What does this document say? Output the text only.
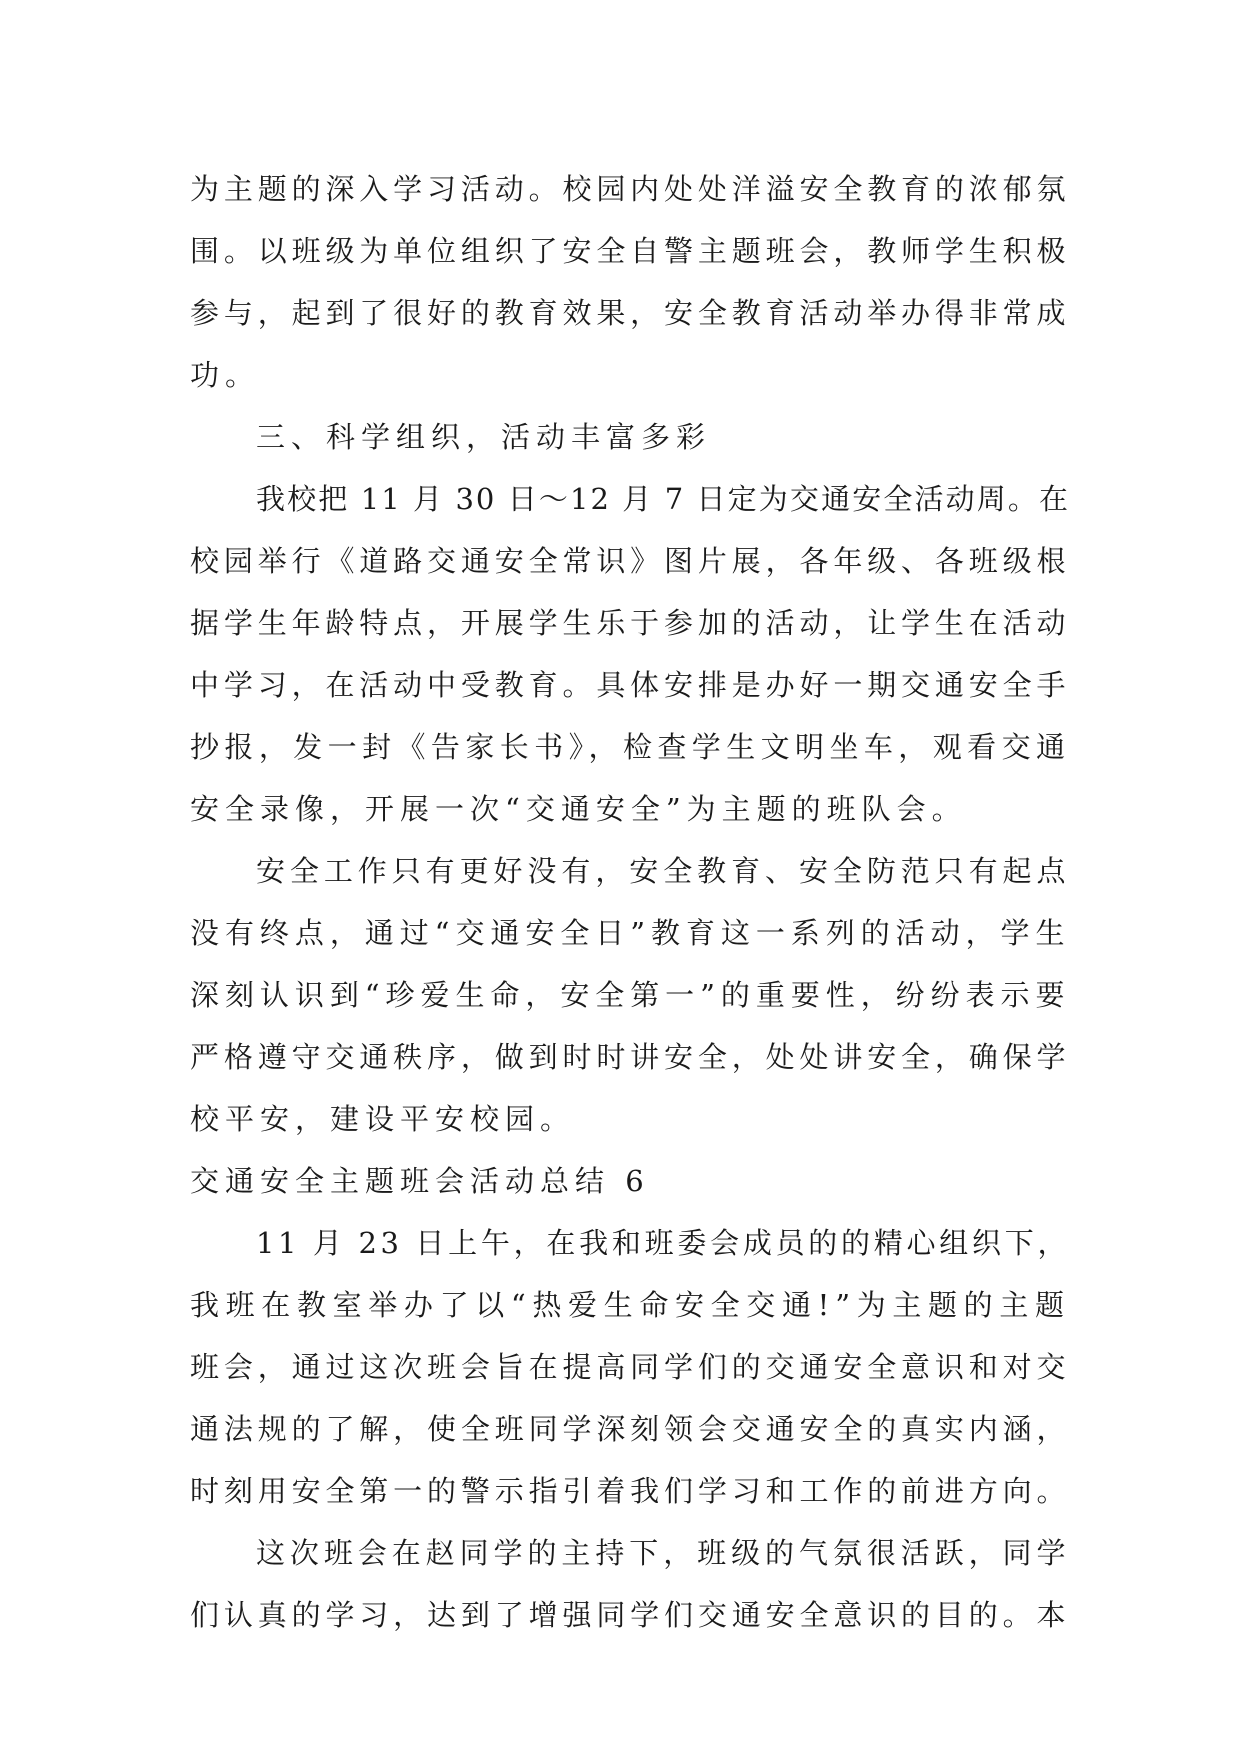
为主题的深入学习活动。校园内处处洋溢安全教育的浓郁氛
围。以班级为单位组织了安全自警主题班会，教师学生积极
参与，起到了很好的教育效果，安全教育活动举办得非常成
功。
三、科学组织，活动丰富多彩
我校把 11 月 30 日～12 月 7 日定为交通安全活动周。在
校园举行《道路交通安全常识》图片展，各年级、各班级根
据学生年龄特点，开展学生乐于参加的活动，让学生在活动
中学习，在活动中受教育。具体安排是办好一期交通安全手
抄报，发一封《告家长书》，检查学生文明坐车，观看交通
安全录像，开展一次“交通安全”为主题的班队会。
安全工作只有更好没有，安全教育、安全防范只有起点
没有终点，通过“交通安全日”教育这一系列的活动，学生
深刻认识到“珍爱生命，安全第一”的重要性，纷纷表示要
严格遵守交通秩序，做到时时讲安全，处处讲安全，确保学
校平安，建设平安校园。
交通安全主题班会活动总结 6
11 月 23 日上午，在我和班委会成员的的精心组织下，
我班在教室举办了以“热爱生命安全交通!”为主题的主题
班会，通过这次班会旨在提高同学们的交通安全意识和对交
通法规的了解，使全班同学深刻领会交通安全的真实内涵，
时刻用安全第一的警示指引着我们学习和工作的前进方向。
这次班会在赵同学的主持下，班级的气氛很活跃，同学
们认真的学习，达到了增强同学们交通安全意识的目的。本
